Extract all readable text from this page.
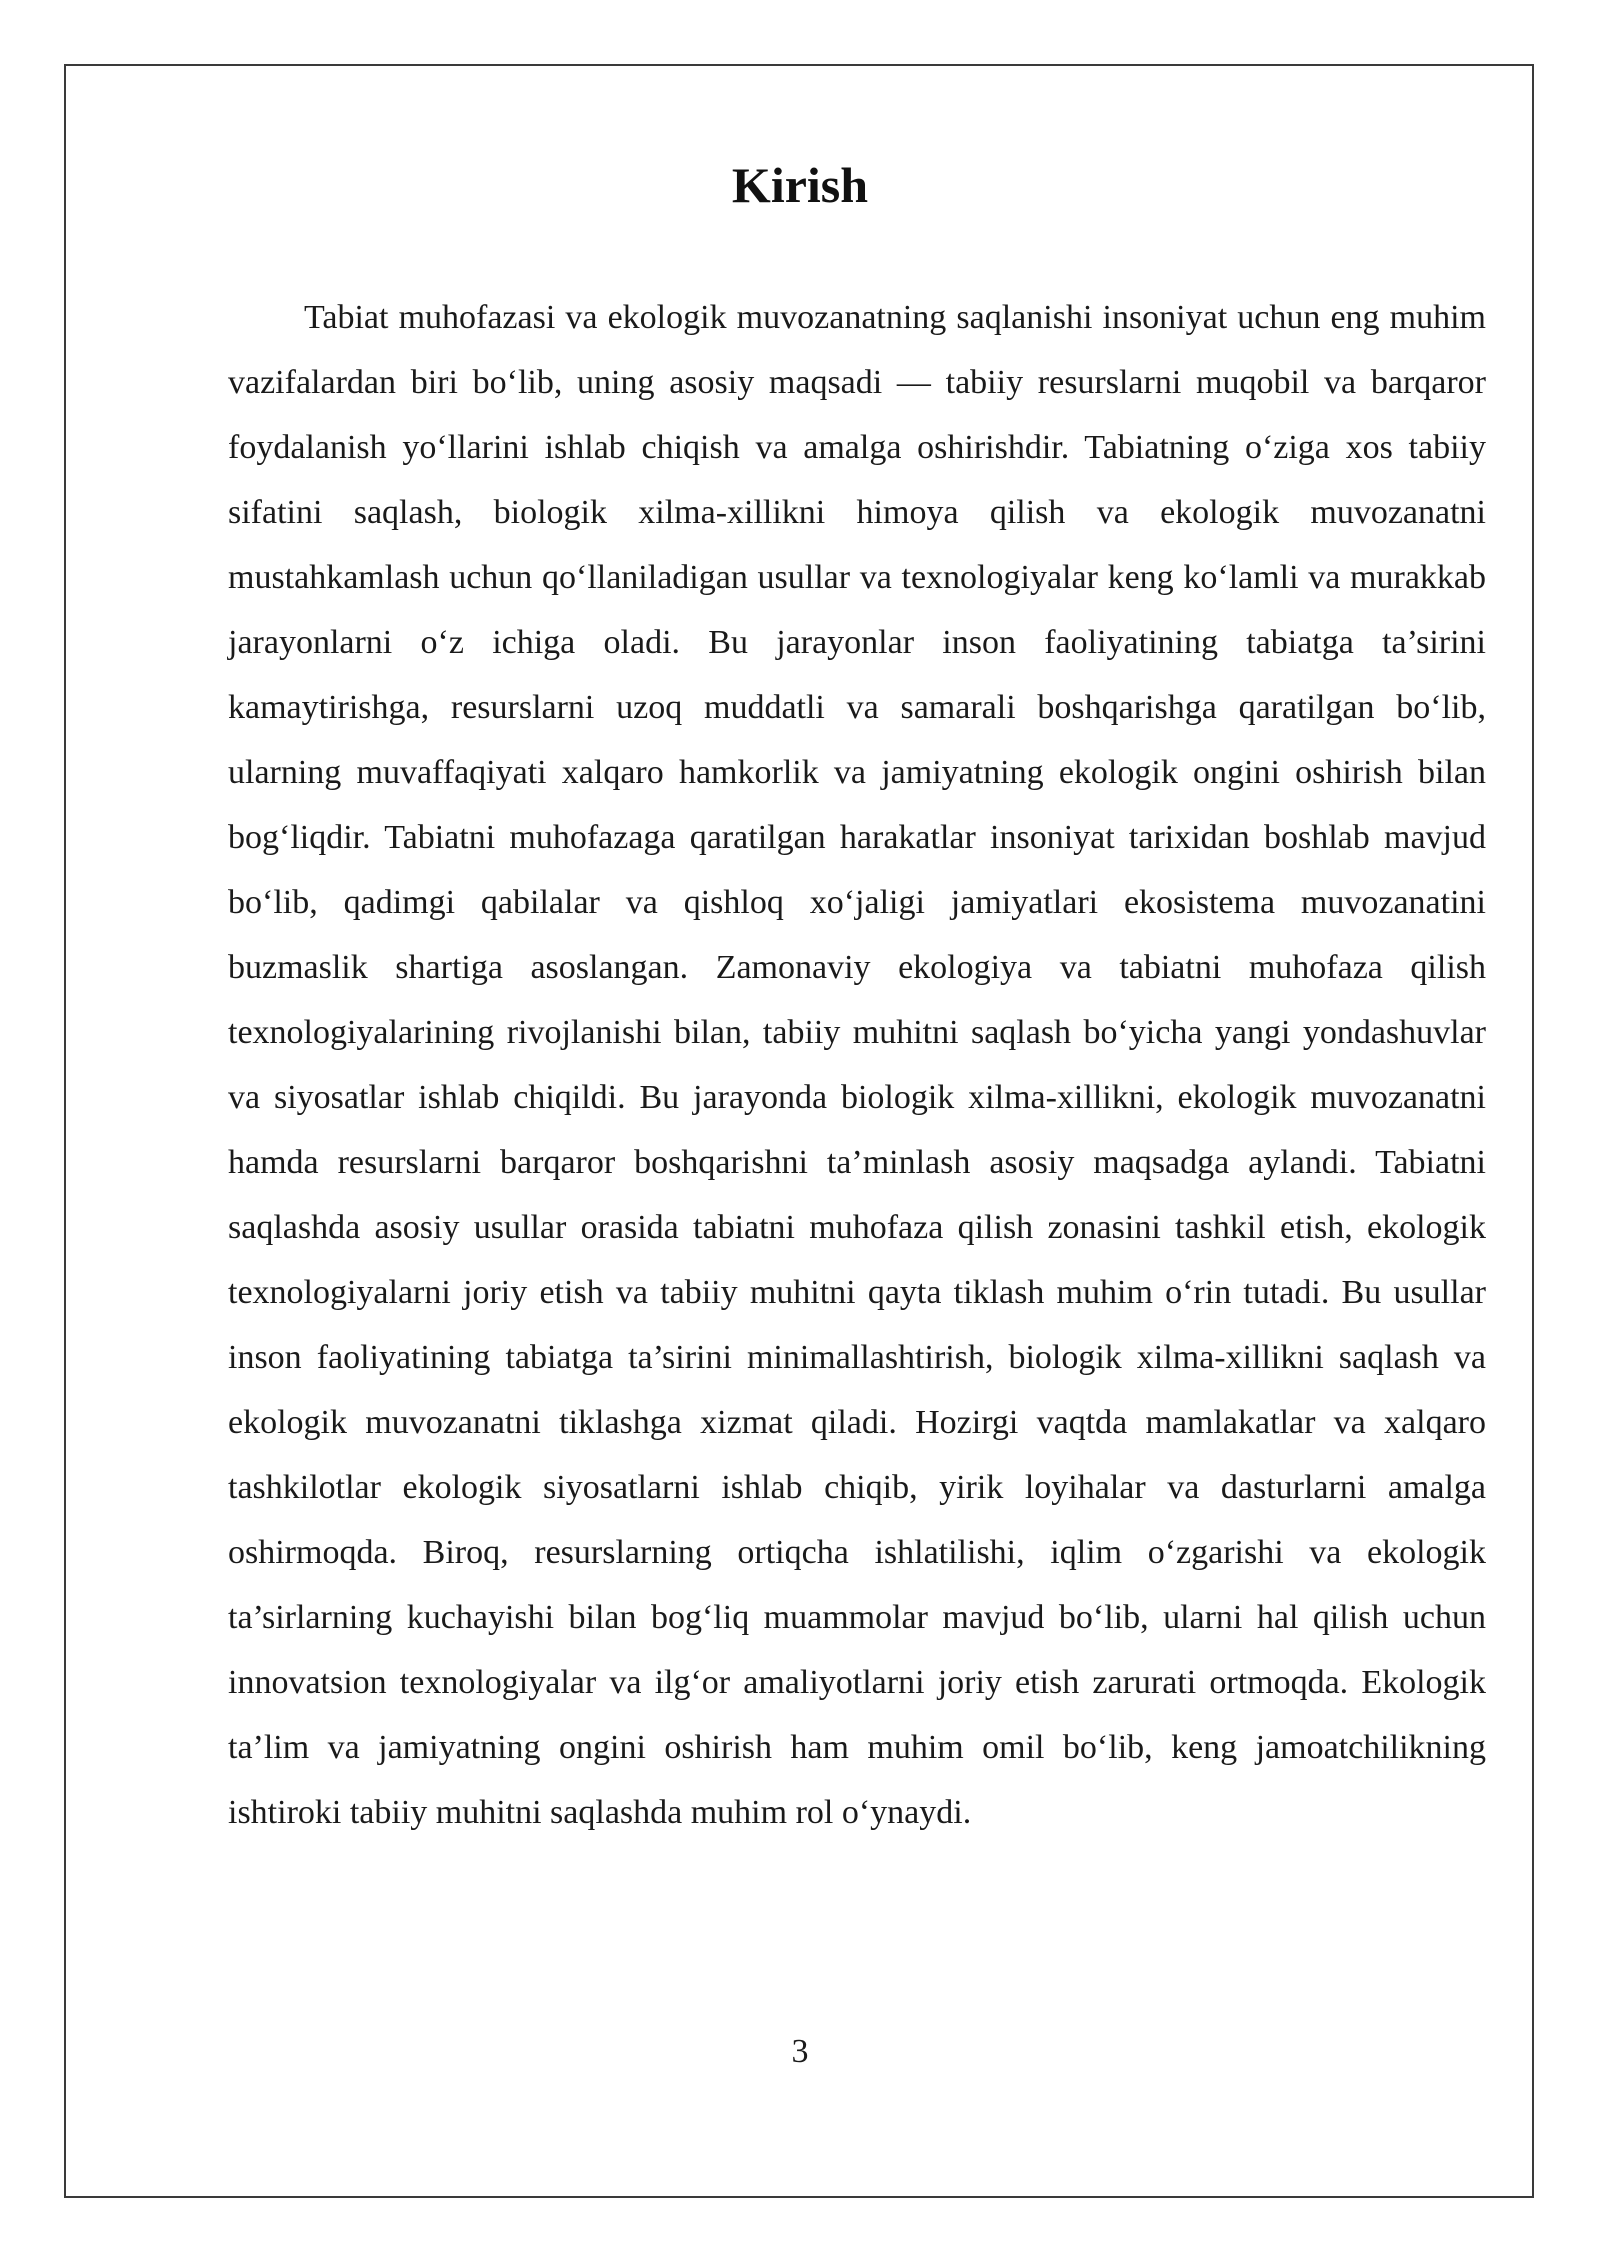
Kirish

Tabiat muhofazasi va ekologik muvozanatning saqlanishi insoniyat uchun eng muhim vazifalardan biri bo‘lib, uning asosiy maqsadi — tabiiy resurslarni muqobil va barqaror foydalanish yo‘llarini ishlab chiqish va amalga oshirishdir. Tabiatning o‘ziga xos tabiiy sifatini saqlash, biologik xilma-xillikni himoya qilish va ekologik muvozanatni mustahkamlash uchun qo‘llaniladigan usullar va texnologiyalar keng ko‘lamli va murakkab jarayonlarni o‘z ichiga oladi. Bu jarayonlar inson faoliyatining tabiatga ta’sirini kamaytirishga, resurslarni uzoq muddatli va samarali boshqarishga qaratilgan bo‘lib, ularning muvaffaqiyati xalqaro hamkorlik va jamiyatning ekologik ongini oshirish bilan bog‘liqdir. Tabiatni muhofazaga qaratilgan harakatlar insoniyat tarixidan boshlab mavjud bo‘lib, qadimgi qabilalar va qishloq xo‘jaligi jamiyatlari ekosistema muvozanatini buzmaslik shartiga asoslangan. Zamonaviy ekologiya va tabiatni muhofaza qilish texnologiyalarining rivojlanishi bilan, tabiiy muhitni saqlash bo‘yicha yangi yondashuvlar va siyosatlar ishlab chiqildi. Bu jarayonda biologik xilma-xillikni, ekologik muvozanatni hamda resurslarni barqaror boshqarishni ta’minlash asosiy maqsadga aylandi. Tabiatni saqlashda asosiy usullar orasida tabiatni muhofaza qilish zonasini tashkil etish, ekologik texnologiyalarni joriy etish va tabiiy muhitni qayta tiklash muhim o‘rin tutadi. Bu usullar inson faoliyatining tabiatga ta’sirini minimallashtirish, biologik xilma-xillikni saqlash va ekologik muvozanatni tiklashga xizmat qiladi. Hozirgi vaqtda mamlakatlar va xalqaro tashkilotlar ekologik siyosatlarni ishlab chiqib, yirik loyihalar va dasturlarni amalga oshirmoqda. Biroq, resurslarning ortiqcha ishlatilishi, iqlim o‘zgarishi va ekologik ta’sirlarning kuchayishi bilan bog‘liq muammolar mavjud bo‘lib, ularni hal qilish uchun innovatsion texnologiyalar va ilg‘or amaliyotlarni joriy etish zarurati ortmoqda. Ekologik ta’lim va jamiyatning ongini oshirish ham muhim omil bo‘lib, keng jamoatchilikning ishtiroki tabiiy muhitni saqlashda muhim rol o‘ynaydi.

3
